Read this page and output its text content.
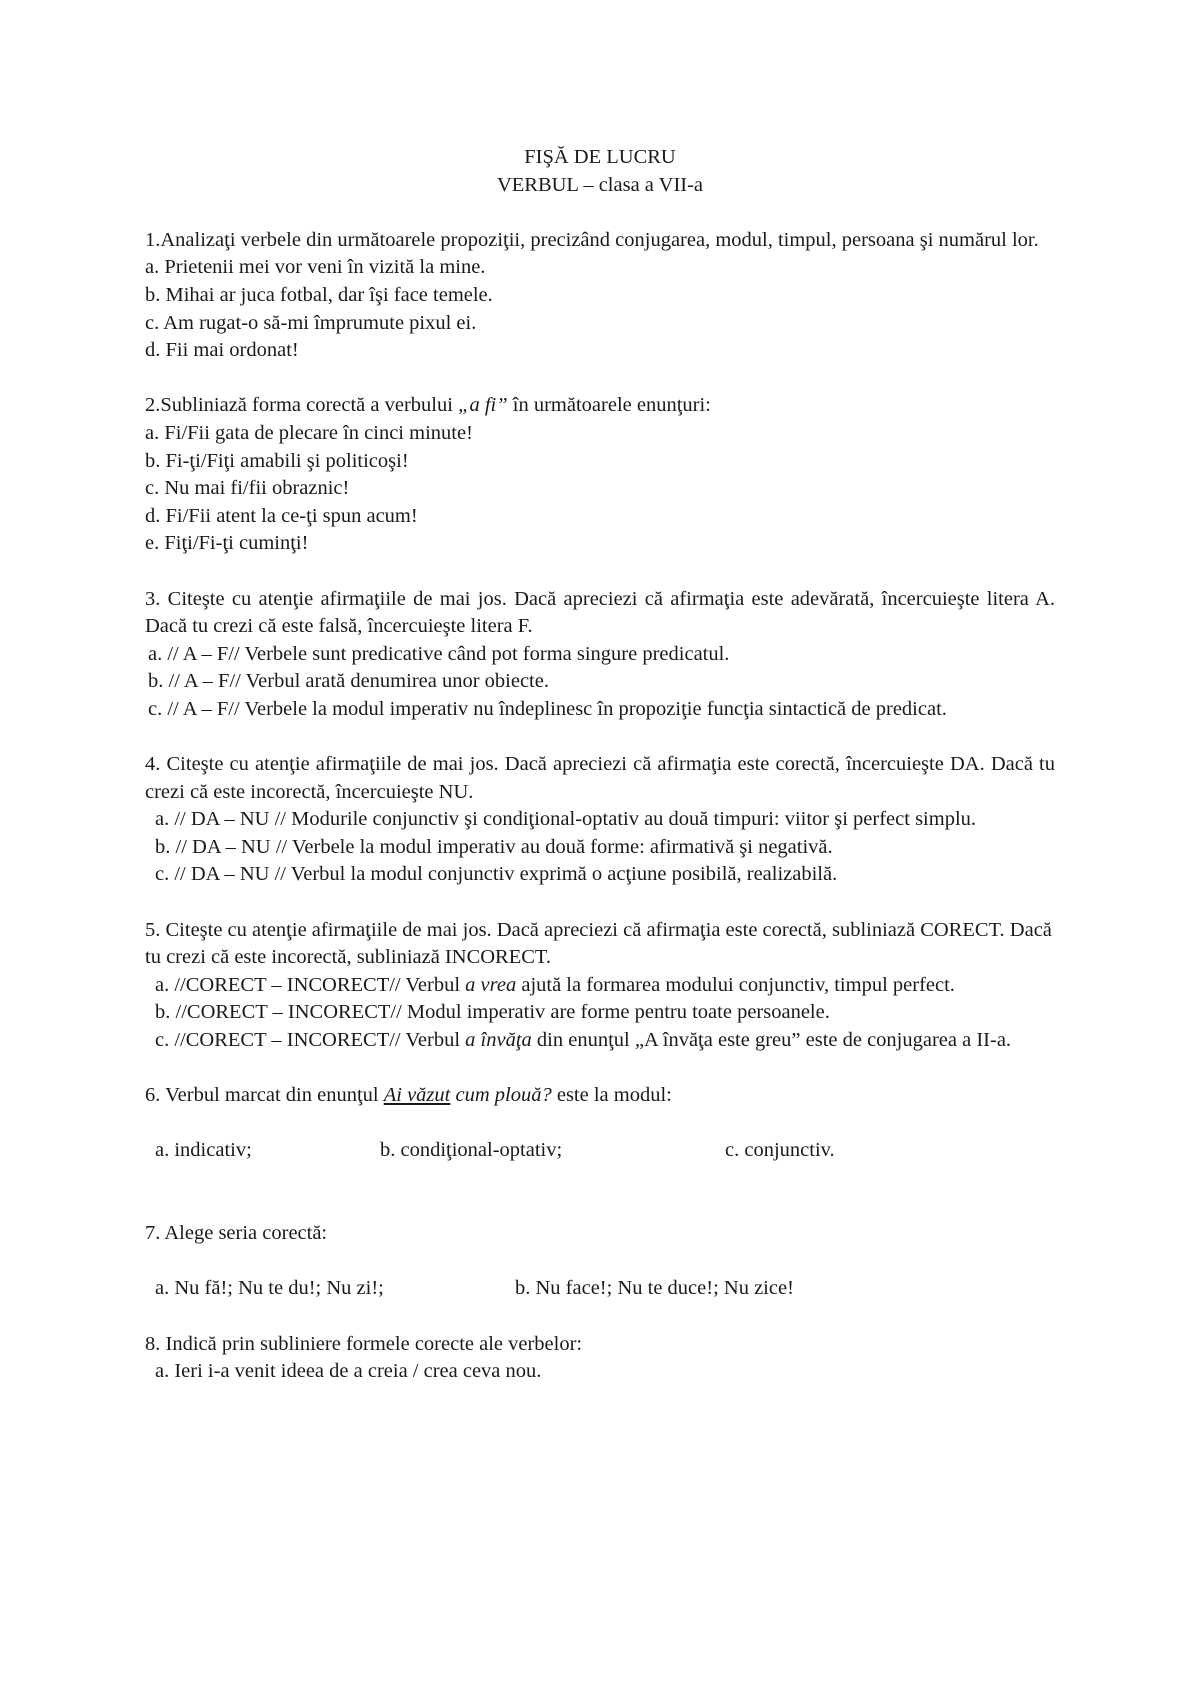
FIŞĂ DE LUCRU

VERBUL – clasa a VII-a

1.Analizaţi verbele din următoarele propoziţii, precizând conjugarea, modul, timpul, persoana şi numărul lor.

a. Prietenii mei vor veni în vizită la mine.

b. Mihai ar juca fotbal, dar îşi face temele.

c. Am rugat-o să-mi împrumute pixul ei.

d. Fii mai ordonat!

2.Subliniază forma corectă a verbului „a fi” în următoarele enunţuri:

a. Fi/Fii gata de plecare în cinci minute!

b. Fi-ţi/Fiţi amabili şi politicoşi!

c. Nu mai fi/fii obraznic!

d. Fi/Fii atent la ce-ţi spun acum!

e. Fiţi/Fi-ţi cuminţi!

3. Citeşte cu atenţie afirmaţiile de mai jos. Dacă apreciezi că afirmaţia este adevărată, încercuieşte litera A. Dacă tu crezi că este falsă, încercuieşte litera F.

a. // A – F// Verbele sunt predicative când pot forma singure predicatul.

b. // A – F// Verbul arată denumirea unor obiecte.

c. // A – F// Verbele la modul imperativ nu îndeplinesc în propoziţie funcţia sintactică de predicat.

4. Citeşte cu atenţie afirmaţiile de mai jos. Dacă apreciezi că afirmaţia este corectă, încercuieşte DA. Dacă tu crezi că este incorectă, încercuieşte NU.

a. // DA – NU // Modurile conjunctiv şi condiţional-optativ au două timpuri: viitor şi perfect simplu.

b. // DA – NU // Verbele la modul imperativ au două forme: afirmativă şi negativă.

c. // DA – NU // Verbul la modul conjunctiv exprimă o acţiune posibilă, realizabilă.

5. Citeşte cu atenţie afirmaţiile de mai jos. Dacă apreciezi că afirmaţia este corectă, subliniază CORECT. Dacă tu crezi că este incorectă, subliniază INCORECT.

a. //CORECT – INCORECT// Verbul a vrea ajută la formarea modului conjunctiv, timpul perfect.

b. //CORECT – INCORECT// Modul imperativ are forme pentru toate persoanele.

c. //CORECT – INCORECT// Verbul a învăţa din enunţul „A învăţa este greu” este de conjugarea a II-a.

6. Verbul marcat din enunţul Ai văzut cum plouă? este la modul:

a. indicativ;	b. condiţional-optativ;	c. conjunctiv.

7. Alege seria corectă:

a. Nu fă!; Nu te du!; Nu zi!;	b. Nu face!; Nu te duce!; Nu zice!

8. Indică prin subliniere formele corecte ale verbelor:

a. Ieri i-a venit ideea de a creia / crea ceva nou.
